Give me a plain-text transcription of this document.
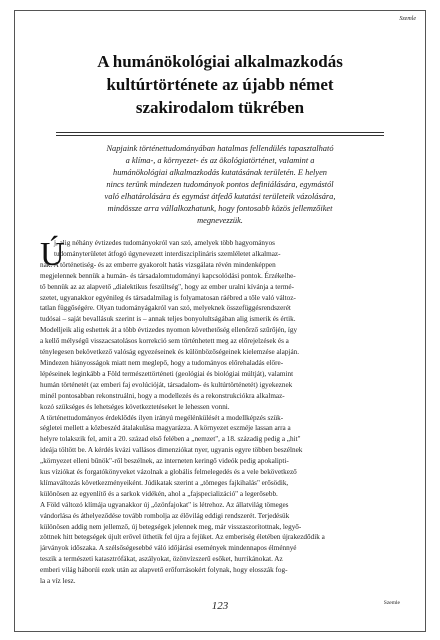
Szemle
A humánökológiai alkalmazkodás
kultúrtörténete az újabb német
szakirodalom tükrében
Napjaink történettudományában hatalmas fellendülés tapasztalható
a klíma-, a környezet- és az ökológiatörténet, valamint a
humánökológiai alkalmazkodás kutatásának területén. E helyen
nincs terünk mindezen tudományok pontos definiálására, egymástól
való elhatárolására és egymást átfedő kutatási területeik vázolására,
mindössze arra vállalkozhatunk, hogy fontosabb közös jellemzőiket
megnevezzük.
Ú
j, alig néhány évtizedes tudományokról van szó, amelyek több hagyományos
tudományterületet átfogó úgynevezett interdiszciplináris szemléletet alkalmaz-
nak. A történetiség- és az emberre gyakorolt hatás vizsgálata révén mindenképpen
megjelennek bennük a humán- és társadalomtudományi kapcsolódási pontok. Érzékelhe-
tő bennük az az alapvető „dialektikus feszültség", hogy az ember uralni kívánja a termé-
szetet, ugyanakkor egyénileg és társadalmilag is folyamatosan ráébred a tőle való változ-
tatlan függőségére. Olyan tudományágakról van szó, melyeknek összefüggésrendszerét
tudósai – saját bevallásuk szerint is – annak teljes bonyolultságában alig ismerik és értik.
Modelljeik alig eshettek át a több évtizedes nyomon követhetőség ellenőrző szűrőjén, így
a kellő mélységű visszacsatolásos korrekció sem történhetett meg az előrejelzések és a
ténylegesen bekövetkező valóság egyezéseinek és különbözőségeinek kielemzése alapján.
Mindezen hiányosságok miatt nem meglepő, hogy a tudományos előrehaladás előre-
lépéseinek leginkább a Föld természettörténeti (geológiai és biológiai múltját), valamint
humán történetét (az emberi faj evolúcióját, társadalom- és kultúrtörténetét) igyekeznek
minél pontosabban rekonstruálni, hogy a modellezés és a rekonstrukciókra alkalmaz-
kozó szükséges és lehetséges következtetéseket le lehessen vonni.
A történettudományos érdeklődés ilyen irányú megélénkülését a modellképzés szük-
ségletei mellett a közbeszéd átalakulása magyarázza. A környezet eszméje lassan arra a
helyre tolakszik fel, amit a 20. század első felében a „nemzet", a 18. századig pedig a „hit"
ideája töltött be. A kérdés kvázi vallásos dimenziókat nyer, ugyanis egyre többen beszélnek
„környezet elleni bűnök"-ről beszélnek, az interneten keringő videók pedig apokalipti-
kus víziókat és forgatókönyveket vázolnak a globális felmelegedés és a vele bekövetkező
klímaváltozás következményeiként. Júdikatak szerint a „tömeges fajkihalás" erősödik,
különösen az egyenlítő és a sarkok vidékén, ahol a „fajspecializáció" a legerősebb.
A Föld változó klímája ugyanakkor új „özönfajokat" is létrehoz. Az állatvilág tömeges
vándorlása és áthelyeződése tovább rombolja az élővilág eddigi rendszerét. Terjedésük
különösen addig nem jellemző, új betegségek jelennek meg, már visszaszorítottnak, legyő-
zöttnek hitt betegségek újult erővel üthetik fel újra a fejüket. Az emberiség életében újrakezdődik a
járványok időszaka. A szélsőségesebbé váló időjárási események mindennapos élménnyé
teszik a természeti katasztrófákat, aszályokat, özönvízszerű esőket, hurrikánokat. Az
emberi világ háborúi ezek után az alapvető erőforrásokért folynak, hogy elosszák fog-
la a víz lesz.
Szemle
123
